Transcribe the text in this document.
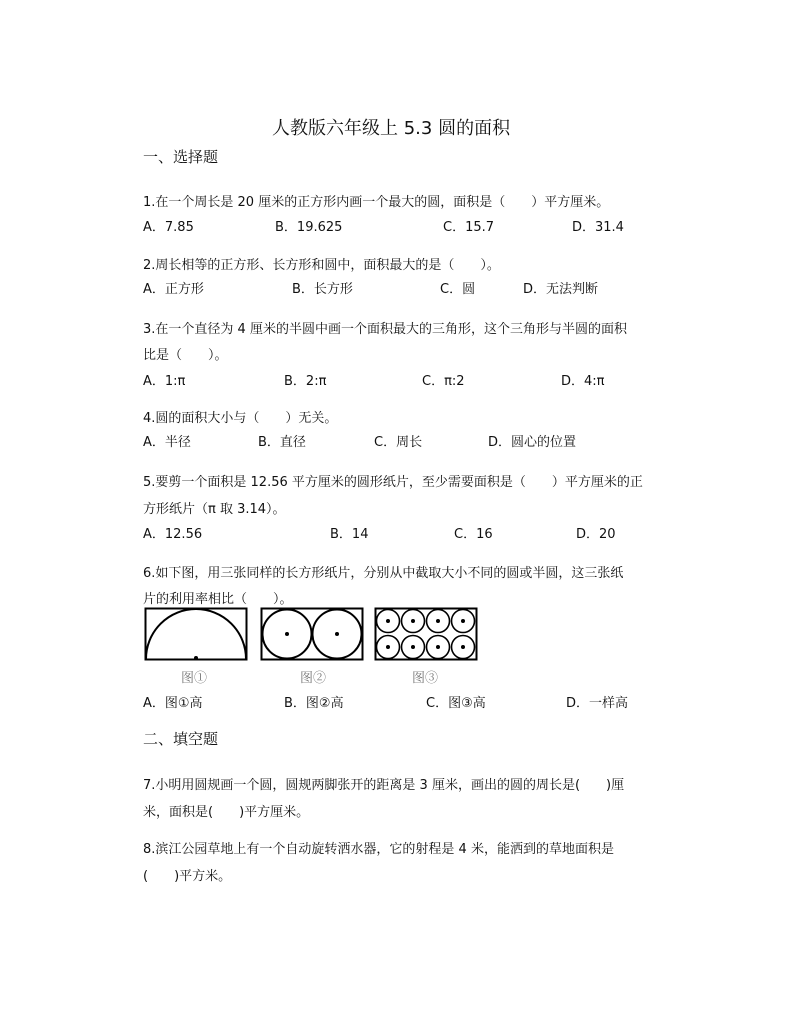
人教版六年级上 5.3 圆的面积
一、选择题
1.在一个周长是 20 厘米的正方形内画一个最大的圆，面积是（　　）平方厘米。
A．7.85	B．19.625	C．15.7	D．31.4
2.周长相等的正方形、长方形和圆中，面积最大的是（　　）。
A．正方形	B．长方形	C．圆	D．无法判断
3.在一个直径为 4 厘米的半圆中画一个面积最大的三角形，这个三角形与半圆的面积
比是（　　）。
A．1:π	B．2:π	C．π:2	D．4:π
4.圆的面积大小与（　　）无关。
A．半径	B．直径	C．周长	D．圆心的位置
5.要剪一个面积是 12.56 平方厘米的圆形纸片，至少需要面积是（　　）平方厘米的正
方形纸片（π 取 3.14）。
A．12.56	B．14	C．16	D．20
6.如下图，用三张同样的长方形纸片，分别从中截取大小不同的圆或半圆，这三张纸
片的利用率相比（　　）。
图①	图②	图③
A．图①高	B．图②高	C．图③高	D．一样高
二、填空题
7.小明用圆规画一个圆，圆规两脚张开的距离是 3 厘米，画出的圆的周长是(　　)厘
米，面积是(　　)平方厘米。
8.滨江公园草地上有一个自动旋转洒水器，它的射程是 4 米，能洒到的草地面积是
(　　)平方米。
